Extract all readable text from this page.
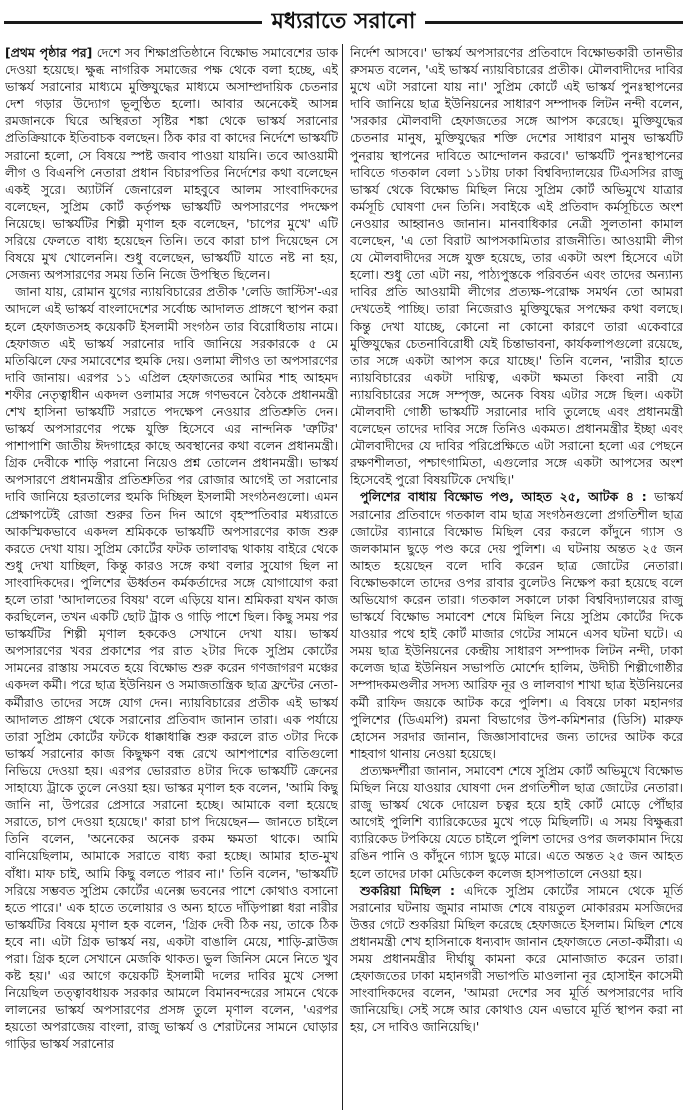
মধ্যরাতে সরানো

[প্রথম পৃষ্ঠার পর] দেশে সব শিক্ষাপ্রতিষ্ঠানে বিক্ষোভ সমাবেশের ডাক দেওয়া হয়েছে। ক্ষুব্ধ নাগরিক সমাজের পক্ষ থেকে বলা হচ্ছে, এই ভাস্কর্য সরানোর মাধ্যমে মুক্তিযুদ্ধের মাধ্যমে অসাম্প্রদায়িক চেতনার দেশ গড়ার উদ্যোগ ভূলুণ্ঠিত হলো। আবার অনেকেই আসন্ন রমজানকে ঘিরে অস্থিরতা সৃষ্টির শঙ্কা থেকে ভাস্কর্য সরানোর প্রতিক্রিয়াকে ইতিবাচক বলছেন। ঠিক কার বা কাদের নির্দেশে ভাস্কর্যটি সরানো হলো, সে বিষয়ে স্পষ্ট জবাব পাওয়া যায়নি। তবে আওয়ামী লীগ ও বিএনপি নেতারা প্রধান বিচারপতির নির্দেশের কথা বলেছেন একই সুরে। অ্যাটর্নি জেনারেল মাহবুবে আলম সাংবাদিকদের বলেছেন, সুপ্রিম কোর্ট কর্তৃপক্ষ ভাস্কর্যটি অপসারণের পদক্ষেপ নিয়েছে। ভাস্কর্যটির শিল্পী মৃণাল হক বলেছেন, 'চাপের মুখে' এটি সরিয়ে ফেলতে বাধ্য হয়েছেন তিনি। তবে কারা চাপ দিয়েছেন সে বিষয়ে মুখ খোলেননি। শুধু বলেছেন, ভাস্কর্যটি যাতে নষ্ট না হয়, সেজন্য অপসারণের সময় তিনি নিজে উপস্থিত ছিলেন।

জানা যায়, রোমান যুগের ন্যায়বিচারের প্রতীক 'লেডি জাস্টিস'-এর আদলে এই ভাস্কর্য বাংলাদেশের সর্বোচ্চ আদালত প্রাঙ্গণে স্থাপন করা হলে হেফাজতসহ কয়েকটি ইসলামী সংগঠন তার বিরোধিতায় নামে। হেফাজত এই ভাস্কর্য সরানোর দাবি জানিয়ে সরকারকে ৫ মে মতিঝিলে ফের সমাবেশের হুমকি দেয়। ওলামা লীগও তা অপসারণের দাবি জানায়। এরপর ১১ এপ্রিল হেফাজতের আমির শাহ আহমদ শফীর নেতৃত্বাধীন একদল ওলামার সঙ্গে গণভবনে বৈঠকে প্রধানমন্ত্রী শেখ হাসিনা ভাস্কর্যটি সরাতে পদক্ষেপ নেওয়ার প্রতিশ্রুতি দেন। ভাস্কর্য অপসারণের পক্ষে যুক্তি হিসেবে এর নান্দনিক 'ত্রুটির' পাশাপাশি জাতীয় ঈদগাহের কাছে অবস্থানের কথা বলেন প্রধানমন্ত্রী। গ্রিক দেবীকে শাড়ি পরানো নিয়েও প্রশ্ন তোলেন প্রধানমন্ত্রী। ভাস্কর্য অপসারণে প্রধানমন্ত্রীর প্রতিশ্রুতির পর রোজার আগেই তা সরানোর দাবি জানিয়ে হরতালের হুমকি দিচ্ছিল ইসলামী সংগঠনগুলো। এমন প্রেক্ষাপটেই রোজা শুরুর তিন দিন আগে বৃহস্পতিবার মধ্যরাতে আকস্মিকভাবে একদল শ্রমিককে ভাস্কর্যটি অপসারণের কাজ শুরু করতে দেখা যায়। সুপ্রিম কোর্টের ফটক তালাবদ্ধ থাকায় বাইরে থেকে শুধু দেখা যাচ্ছিল, কিন্তু কারও সঙ্গে কথা বলার সুযোগ ছিল না সাংবাদিকদের। পুলিশের ঊর্ধ্বতন কর্মকর্তাদের সঙ্গে যোগাযোগ করা হলে তারা 'আদালতের বিষয়' বলে এড়িয়ে যান। শ্রমিকরা যখন কাজ করছিলেন, তখন একটি ছোট ট্রাক ও গাড়ি পাশে ছিল। কিছু সময় পর ভাস্কর্যটির শিল্পী মৃণাল হককেও সেখানে দেখা যায়। ভাস্কর্য অপসারণের খবর প্রকাশের পর রাত ২টার দিকে সুপ্রিম কোর্টের সামনের রাস্তায় সমবেত হয়ে বিক্ষোভ শুরু করেন গণজাগরণ মঞ্চের একদল কর্মী। পরে ছাত্র ইউনিয়ন ও সমাজতান্ত্রিক ছাত্র ফ্রন্টের নেতা-কর্মীরাও তাদের সঙ্গে যোগ দেন। ন্যায়বিচারের প্রতীক এই ভাস্কর্য আদালত প্রাঙ্গণ থেকে সরানোর প্রতিবাদ জানান তারা। এক পর্যায়ে তারা সুপ্রিম কোর্টের ফটকে ধাক্কাধাক্কি শুরু করলে রাত ৩টার দিকে ভাস্কর্য সরানোর কাজ কিছুক্ষণ বন্ধ রেখে আশপাশের বাতিগুলো নিভিয়ে দেওয়া হয়। এরপর ভোররাত ৪টার দিকে ভাস্কর্যটি ক্রেনের সাহায্যে ট্রাকে তুলে নেওয়া হয়। ভাস্কর মৃণাল হক বলেন, 'আমি কিছু জানি না, উপরের প্রেসারে সরানো হচ্ছে। আমাকে বলা হয়েছে সরাতে, চাপ দেওয়া হয়েছে।' কারা চাপ দিয়েছেন— জানতে চাইলে তিনি বলেন, 'অনেকের অনেক রকম ক্ষমতা থাকে। আমি বানিয়েছিলাম, আমাকে সরাতে বাধ্য করা হচ্ছে। আমার হাত-মুখ বাঁধা। মাফ চাই, আমি কিছু বলতে পারব না।' তিনি বলেন, 'ভাস্কর্যটি সরিয়ে সম্ভবত সুপ্রিম কোর্টের এনেক্স ভবনের পাশে কোথাও বসানো হতে পারে।' এক হাতে তলোয়ার ও অন্য হাতে দাঁড়িপাল্লা ধরা নারীর ভাস্কর্যটির বিষয়ে মৃণাল হক বলেন, 'গ্রিক দেবী ঠিক নয়, তাকে ঠিক হবে না। এটা গ্রিক ভাস্কর্য নয়, একটা বাঙালি মেয়ে, শাড়ি-ব্লাউজ পরা। গ্রিক হলে সেখানে মেজকি থাকত। ভুল জিনিস মেনে নিতে খুব কষ্ট হয়।' এর আগে কয়েকটি ইসলামী দলের দাবির মুখে সেন্সা নিয়েছিল তত্ত্বাবধায়ক সরকার আমলে বিমানবন্দরের সামনে থেকে লালনের ভাস্কর্য অপসারণের প্রসঙ্গ তুলে মৃণাল বলেন, 'এরপর হয়তো অপরাজেয় বাংলা, রাজু ভাস্কর্য ও শেরাটনের সামনে ঘোড়ার গাড়ির ভাস্কর্য সরানোর

নির্দেশ আসবে।' ভাস্কর্য অপসারণের প্রতিবাদে বিক্ষোভকারী তানভীর রুসমত বলেন, 'এই ভাস্কর্য ন্যায়বিচারের প্রতীক। মৌলবাদীদের দাবির মুখে এটা সরানো যায় না।' সুপ্রিম কোর্টে এই ভাস্কর্য পুনঃস্থাপনের দাবি জানিয়ে ছাত্র ইউনিয়নের সাধারণ সম্পাদক লিটন নন্দী বলেন, 'সরকার মৌলবাদী হেফাজতের সঙ্গে আপস করেছে। মুক্তিযুদ্ধের চেতনার মানুষ, মুক্তিযুদ্ধের শক্তি দেশের সাধারণ মানুষ ভাস্কর্যটি পুনরায় স্থাপনের দাবিতে আন্দোলন করবে।' ভাস্কর্যটি পুনঃস্থাপনের দাবিতে গতকাল বেলা ১১টায় ঢাকা বিশ্ববিদ্যালয়ের টিএসসির রাজু ভাস্কর্য থেকে বিক্ষোভ মিছিল নিয়ে সুপ্রিম কোর্ট অভিমুখে যাত্রার কর্মসূচি ঘোষণা দেন তিনি। সবাইকে এই প্রতিবাদ কর্মসূচিতে অংশ নেওয়ার আহ্বানও জানান। মানবাধিকার নেত্রী সুলতানা কামাল বলেছেন, 'এ তো বিরাট আপসকামিতার রাজনীতি। আওয়ামী লীগ যে মৌলবাদীদের সঙ্গে যুক্ত হয়েছে, তার একটা অংশ হিসেবে এটা হলো। শুধু তো এটা নয়, পাঠ্যপুস্তকে পরিবর্তন এবং তাদের অন্যান্য দাবির প্রতি আওয়ামী লীগের প্রত্যক্ষ-পরোক্ষ সমর্থন তো আমরা দেখতেই পাচ্ছি। তারা নিজেরাও মুক্তিযুদ্ধের সপক্ষের কথা বলছে। কিন্তু দেখা যাচ্ছে, কোনো না কোনো কারণে তারা একেবারে মুক্তিযুদ্ধের চেতনাবিরোধী যেই চিন্তাভাবনা, কার্যকলাপগুলো রয়েছে, তার সঙ্গে একটা আপস করে যাচ্ছে।' তিনি বলেন, 'নারীর হাতে ন্যায়বিচারের একটা দায়িত্ব, একটা ক্ষমতা কিংবা নারী যে ন্যায়বিচারের সঙ্গে সম্পৃক্ত, অনেক বিষয় এটার সঙ্গে ছিল। একটা মৌলবাদী গোষ্ঠী ভাস্কর্যটি সরানোর দাবি তুলেছে এবং প্রধানমন্ত্রী বলেছেন তাদের দাবির সঙ্গে তিনিও একমত। প্রধানমন্ত্রীর ইচ্ছা এবং মৌলবাদীদের যে দাবির পরিপ্রেক্ষিতে এটা সরানো হলো এর পেছনে রক্ষণশীলতা, পশ্চাৎগামিতা, এগুলোর সঙ্গে একটা আপসের অংশ হিসেবেই পুরো বিষয়টিকে দেখছি।'

পুলিশের বাধায় বিক্ষোভ পণ্ড, আহত ২৫, আটক ৪ : ভাস্কর্য সরানোর প্রতিবাদে গতকাল বাম ছাত্র সংগঠনগুলো প্রগতিশীল ছাত্র জোটের ব্যানারে বিক্ষোভ মিছিল বের করলে কাঁদুনে গ্যাস ও জলকামান ছুড়ে পণ্ড করে দেয় পুলিশ। এ ঘটনায় অন্তত ২৫ জন আহত হয়েছেন বলে দাবি করেন ছাত্র জোটের নেতারা। বিক্ষোভকালে তাদের ওপর রাবার বুলেটও নিক্ষেপ করা হয়েছে বলে অভিযোগ করেন তারা। গতকাল সকালে ঢাকা বিশ্ববিদ্যালয়ের রাজু ভাস্কর্যে বিক্ষোভ সমাবেশ শেষে মিছিল নিয়ে সুপ্রিম কোর্টের দিকে যাওয়ার পথে হাই কোর্ট মাজার গেটের সামনে এসব ঘটনা ঘটে। এ সময় ছাত্র ইউনিয়নের কেন্দ্রীয় সাধারণ সম্পাদক লিটন নন্দী, ঢাকা কলেজ ছাত্র ইউনিয়ন সভাপতি মোর্শেদ হালিম, উদীচী শিল্পীগোষ্ঠীর সম্পাদকমণ্ডলীর সদস্য আরিফ নূর ও লালবাগ শাখা ছাত্র ইউনিয়নের কর্মী রাফিদ জয়কে আটক করে পুলিশ। এ বিষয়ে ঢাকা মহানগর পুলিশের (ডিএমপি) রমনা বিভাগের উপ-কমিশনার (ডিসি) মারুফ হোসেন সরদার জানান, জিজ্ঞাসাবাদের জন্য তাদের আটক করে শাহবাগ থানায় নেওয়া হয়েছে।

প্রত্যক্ষদর্শীরা জানান, সমাবেশ শেষে সুপ্রিম কোর্ট অভিমুখে বিক্ষোভ মিছিল নিয়ে যাওয়ার ঘোষণা দেন প্রগতিশীল ছাত্র জোটের নেতারা। রাজু ভাস্কর্য থেকে দোয়েল চত্বর হয়ে হাই কোর্ট মোড়ে পৌঁছার আগেই পুলিশি ব্যারিকেডের মুখে পড়ে মিছিলটি। এ সময় বিক্ষুব্ধরা ব্যারিকেড টপকিয়ে যেতে চাইলে পুলিশ তাদের ওপর জলকামান দিয়ে রঙিন পানি ও কাঁদুনে গ্যাস ছুড়ে মারে। এতে অন্তত ২৫ জন আহত হলে তাদের ঢাকা মেডিকেল কলেজ হাসপাতালে নেওয়া হয়।

শুকরিয়া মিছিল : এদিকে সুপ্রিম কোর্টের সামনে থেকে মূর্তি সরানোর ঘটনায় জুমার নামাজ শেষে বায়তুল মোকাররম মসজিদের উত্তর গেটে শুকরিয়া মিছিল করেছে হেফাজতে ইসলাম। মিছিল শেষে প্রধানমন্ত্রী শেখ হাসিনাকে ধন্যবাদ জানান হেফাজতে নেতা-কর্মীরা। এ সময় প্রধানমন্ত্রীর দীর্ঘায়ু কামনা করে মোনাজাত করেন তারা। হেফাজতের ঢাকা মহানগরী সভাপতি মাওলানা নূর হোসাইন কাসেমী সাংবাদিকদের বলেন, 'আমরা দেশের সব মূর্তি অপসারণের দাবি জানিয়েছি। সেই সঙ্গে আর কোথাও যেন এভাবে মূর্তি স্থাপন করা না হয়, সে দাবিও জানিয়েছি।'
